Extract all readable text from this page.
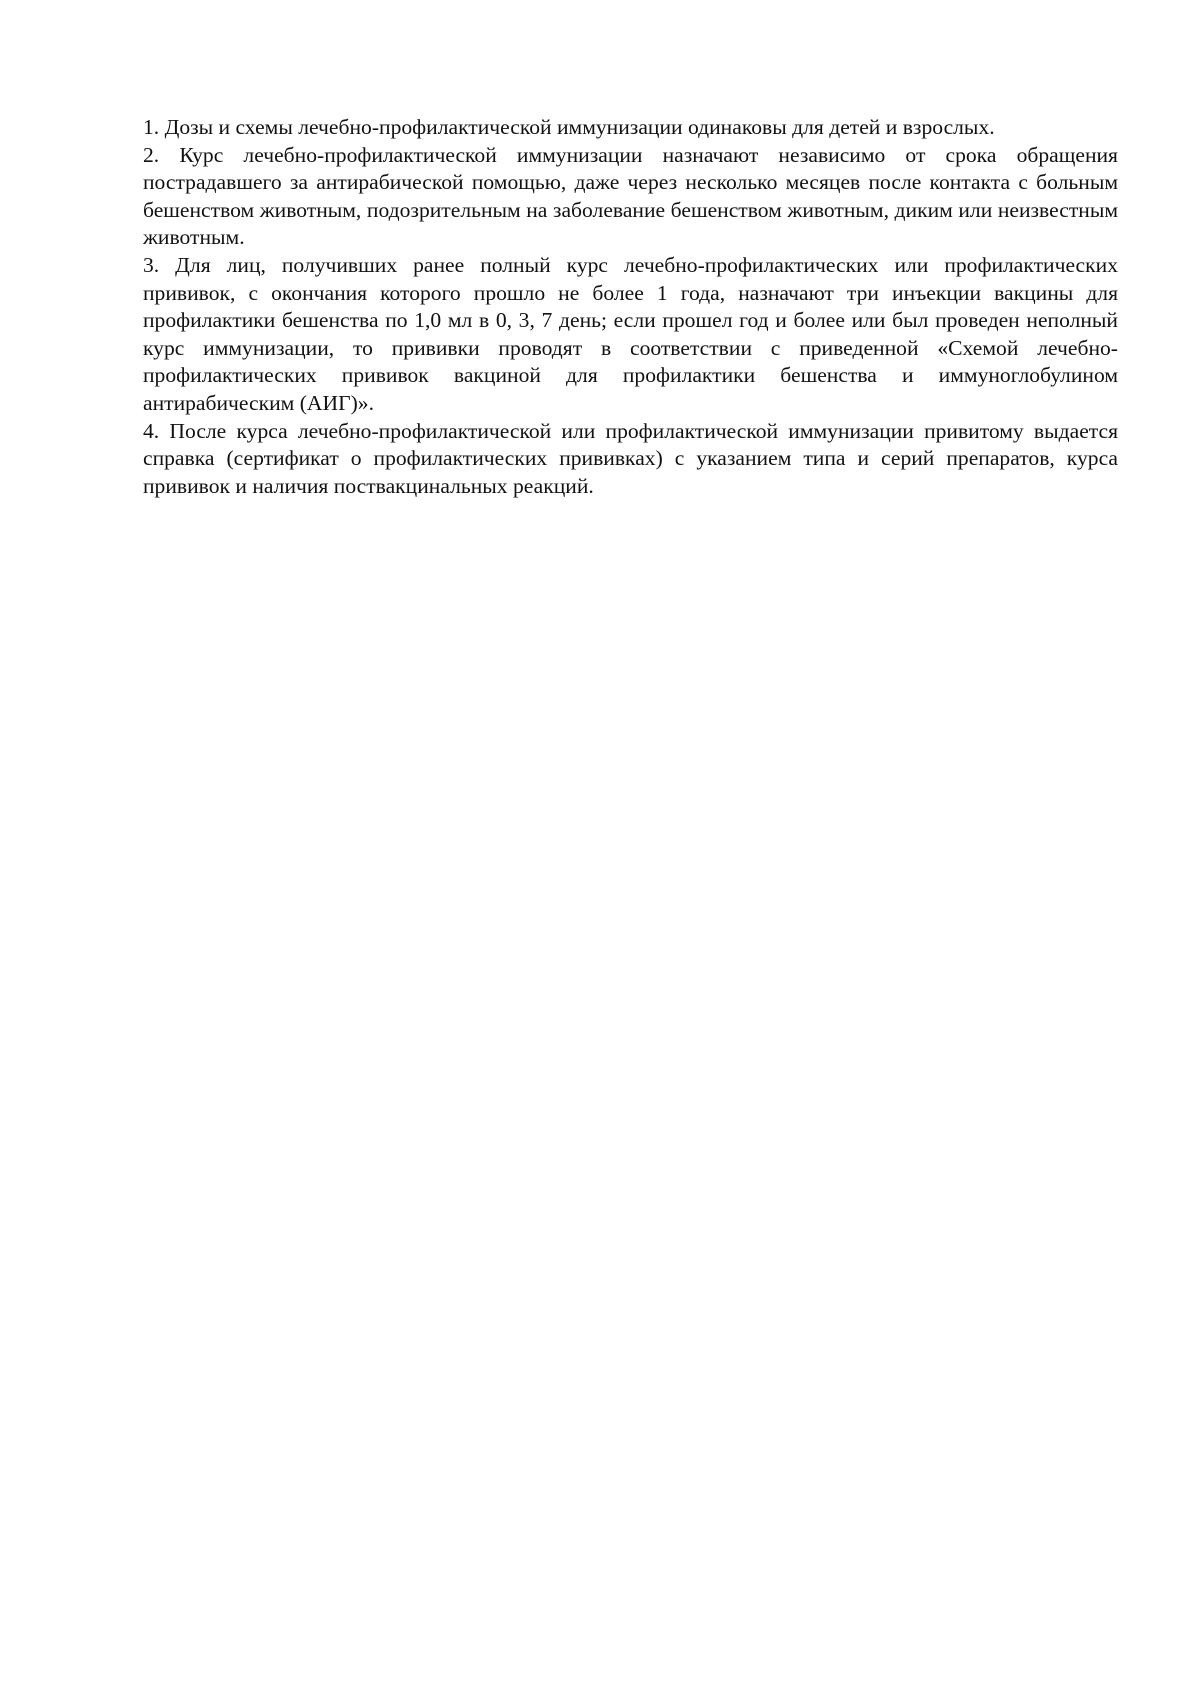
1. Дозы и схемы лечебно-профилактической иммунизации одинаковы для детей и взрослых.

2. Курс лечебно-профилактической иммунизации назначают независимо от срока обращения пострадавшего за антирабической помощью, даже через несколько месяцев после контакта с больным бешенством животным, подозрительным на заболевание бешенством животным, диким или неизвестным животным.

3. Для лиц, получивших ранее полный курс лечебно-профилактических или профилактических прививок, с окончания которого прошло не более 1 года, назначают три инъекции вакцины для профилактики бешенства по 1,0 мл в 0, 3, 7 день; если прошел год и более или был проведен неполный курс иммунизации, то прививки проводят в соответствии с приведенной «Схемой лечебно-профилактических прививок вакциной для профилактики бешенства и иммуноглобулином антирабическим (АИГ)».

4. После курса лечебно-профилактической или профилактической иммунизации привитому выдается справка (сертификат о профилактических прививках) с указанием типа и серий препаратов, курса прививок и наличия поствакцинальных реакций.
